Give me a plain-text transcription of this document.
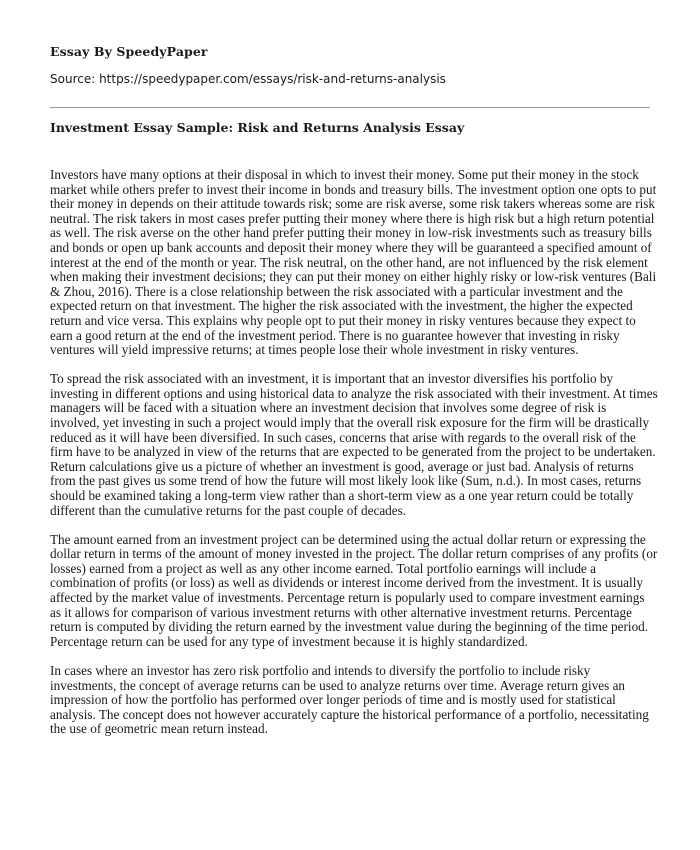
Essay By SpeedyPaper
Source: https://speedypaper.com/essays/risk-and-returns-analysis
Investment Essay Sample: Risk and Returns Analysis Essay

Investors have many options at their disposal in which to invest their money. Some put their money in the stock market while others prefer to invest their income in bonds and treasury bills. The investment option one opts to put their money in depends on their attitude towards risk; some are risk averse, some risk takers whereas some are risk neutral. The risk takers in most cases prefer putting their money where there is high risk but a high return potential as well. The risk averse on the other hand prefer putting their money in low-risk investments such as treasury bills and bonds or open up bank accounts and deposit their money where they will be guaranteed a specified amount of interest at the end of the month or year. The risk neutral, on the other hand, are not influenced by the risk element when making their investment decisions; they can put their money on either highly risky or low-risk ventures (Bali & Zhou, 2016). There is a close relationship between the risk associated with a particular investment and the expected return on that investment. The higher the risk associated with the investment, the higher the expected return and vice versa. This explains why people opt to put their money in risky ventures because they expect to earn a good return at the end of the investment period. There is no guarantee however that investing in risky ventures will yield impressive returns; at times people lose their whole investment in risky ventures.

To spread the risk associated with an investment, it is important that an investor diversifies his portfolio by investing in different options and using historical data to analyze the risk associated with their investment. At times managers will be faced with a situation where an investment decision that involves some degree of risk is involved, yet investing in such a project would imply that the overall risk exposure for the firm will be drastically reduced as it will have been diversified. In such cases, concerns that arise with regards to the overall risk of the firm have to be analyzed in view of the returns that are expected to be generated from the project to be undertaken. Return calculations give us a picture of whether an investment is good, average or just bad. Analysis of returns from the past gives us some trend of how the future will most likely look like (Sum, n.d.). In most cases, returns should be examined taking a long-term view rather than a short-term view as a one year return could be totally different than the cumulative returns for the past couple of decades.

The amount earned from an investment project can be determined using the actual dollar return or expressing the dollar return in terms of the amount of money invested in the project. The dollar return comprises of any profits (or losses) earned from a project as well as any other income earned. Total portfolio earnings will include a combination of profits (or loss) as well as dividends or interest income derived from the investment. It is usually affected by the market value of investments. Percentage return is popularly used to compare investment earnings as it allows for comparison of various investment returns with other alternative investment returns. Percentage return is computed by dividing the return earned by the investment value during the beginning of the time period. Percentage return can be used for any type of investment because it is highly standardized.

In cases where an investor has zero risk portfolio and intends to diversify the portfolio to include risky investments, the concept of average returns can be used to analyze returns over time. Average return gives an impression of how the portfolio has performed over longer periods of time and is mostly used for statistical analysis. The concept does not however accurately capture the historical performance of a portfolio, necessitating the use of geometric mean return instead.
